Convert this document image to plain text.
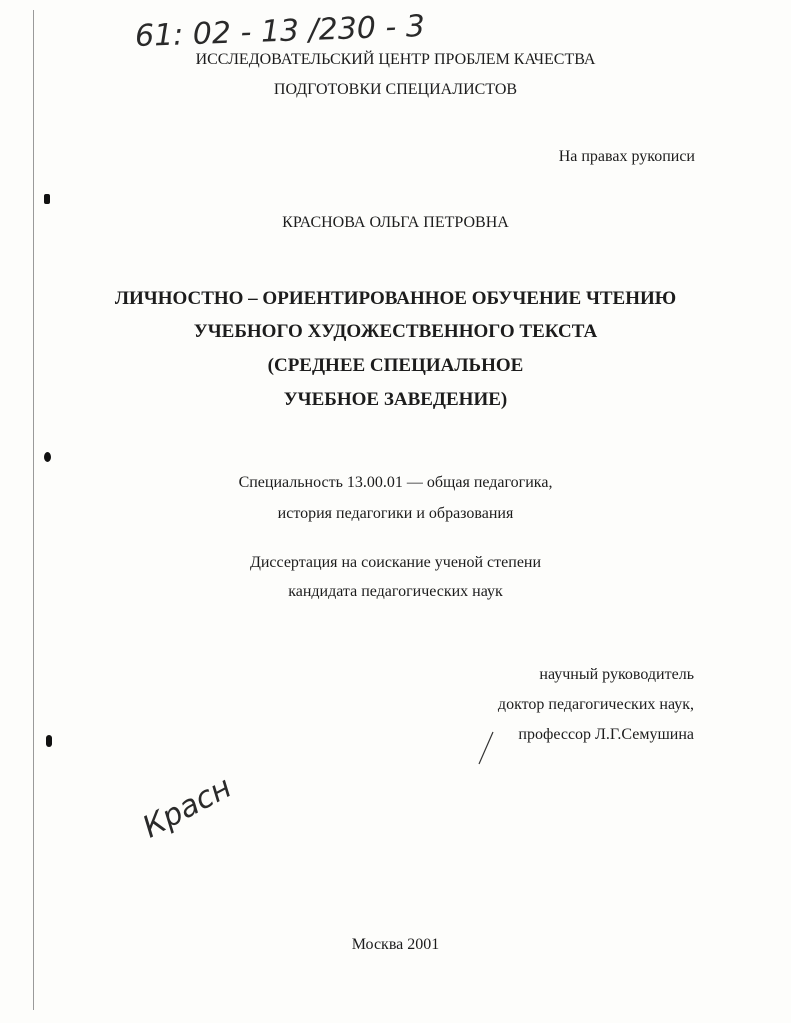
61: 02 - 13 /230 - 3
ИССЛЕДОВАТЕЛЬСКИЙ ЦЕНТР ПРОБЛЕМ КАЧЕСТВА
ПОДГОТОВКИ СПЕЦИАЛИСТОВ
На правах рукописи
КРАСНОВА ОЛЬГА ПЕТРОВНА
ЛИЧНОСТНО – ОРИЕНТИРОВАННОЕ ОБУЧЕНИЕ ЧТЕНИЮ
УЧЕБНОГО ХУДОЖЕСТВЕННОГО ТЕКСТА
(СРЕДНЕЕ СПЕЦИАЛЬНОЕ
УЧЕБНОЕ ЗАВЕДЕНИЕ)
Специальность 13.00.01 — общая педагогика,
история педагогики и образования
Диссертация на соискание ученой степени
кандидата педагогических наук
научный руководитель
доктор педагогических наук,
профессор Л.Г.Семушина
Красн
Москва 2001
